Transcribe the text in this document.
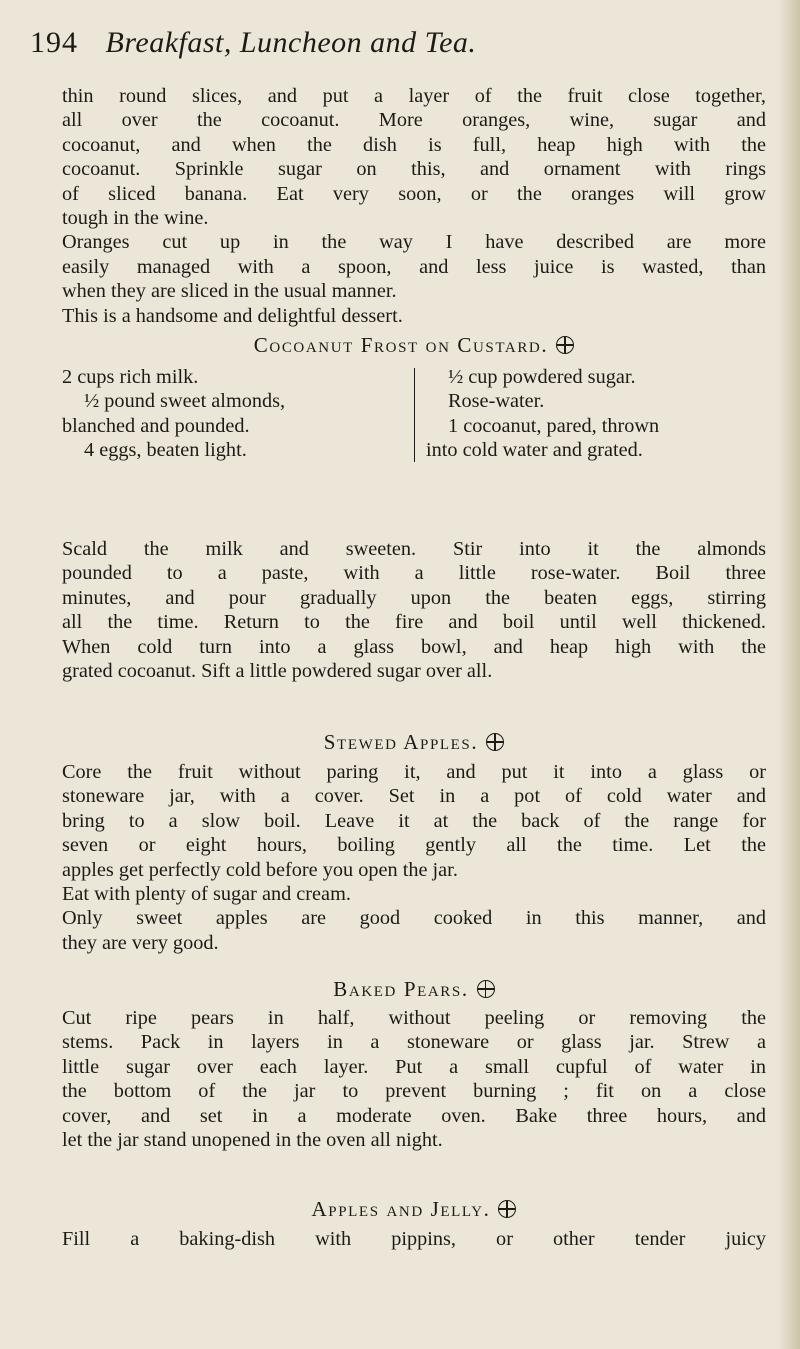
194 Breakfast, Luncheon and Tea.
thin round slices, and put a layer of the fruit close together,
all over the cocoanut. More oranges, wine, sugar and
cocoanut, and when the dish is full, heap high with the
cocoanut. Sprinkle sugar on this, and ornament with rings
of sliced banana. Eat very soon, or the oranges will grow
tough in the wine.
Oranges cut up in the way I have described are more
easily managed with a spoon, and less juice is wasted, than
when they are sliced in the usual manner.
This is a handsome and delightful dessert.
Cocoanut Frost on Custard.
2 cups rich milk.
½ pound sweet almonds,
blanched and pounded.
4 eggs, beaten light.
½ cup powdered sugar.
Rose-water.
1 cocoanut, pared, thrown
into cold water and grated.
Scald the milk and sweeten. Stir into it the almonds
pounded to a paste, with a little rose-water. Boil three
minutes, and pour gradually upon the beaten eggs, stirring
all the time. Return to the fire and boil until well thickened.
When cold turn into a glass bowl, and heap high with the
grated cocoanut. Sift a little powdered sugar over all.
Stewed Apples.
Core the fruit without paring it, and put it into a glass or
stoneware jar, with a cover. Set in a pot of cold water and
bring to a slow boil. Leave it at the back of the range for
seven or eight hours, boiling gently all the time. Let the
apples get perfectly cold before you open the jar.
Eat with plenty of sugar and cream.
Only sweet apples are good cooked in this manner, and
they are very good.
Baked Pears.
Cut ripe pears in half, without peeling or removing the
stems. Pack in layers in a stoneware or glass jar. Strew a
little sugar over each layer. Put a small cupful of water in
the bottom of the jar to prevent burning ; fit on a close
cover, and set in a moderate oven. Bake three hours, and
let the jar stand unopened in the oven all night.
Apples and Jelly.
Fill a baking-dish with pippins, or other tender juicy
